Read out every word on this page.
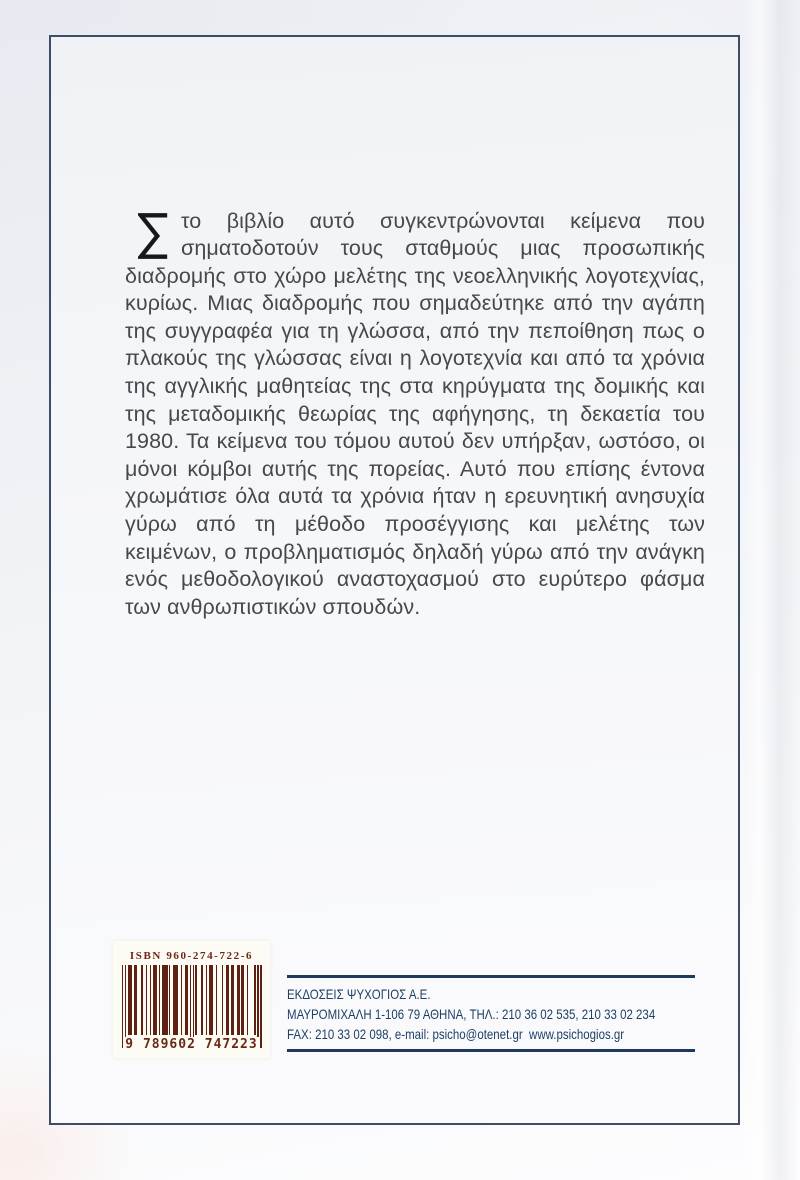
το βιβλίο αυτό συγκεντρώνονται κείμενα που σηματοδοτούν τους σταθμούς μιας προσωπικής διαδρομής στο χώρο μελέτης της νεοελληνικής λογοτεχνίας, κυρίως. Μιας διαδρομής που σημαδεύτηκε από την αγάπη της συγγραφέα για τη γλώσσα, από την πεποίθηση πως ο πλακούς της γλώσσας είναι η λογοτεχνία και από τα χρόνια της αγγλικής μαθητείας της στα κηρύγματα της δομικής και της μεταδομικής θεωρίας της αφήγησης, τη δεκαετία του 1980. Τα κείμενα του τόμου αυτού δεν υπήρξαν, ωστόσο, οι μόνοι κόμβοι αυτής της πορείας. Αυτό που επίσης έντονα χρωμάτισε όλα αυτά τα χρόνια ήταν η ερευνητική ανησυχία γύρω από τη μέθοδο προσέγγισης και μελέτης των κειμένων, ο προβληματισμός δηλαδή γύρω από την ανάγκη ενός μεθοδολογικού αναστοχασμού στο ευρύτερο φάσμα των ανθρωπιστικών σπουδών.

ISBN 960-274-722-6
9 789602 747223
ΕΚΔΟΣΕΙΣ ΨΥΧΟΓΙΟΣ Α.Ε.
ΜΑΥΡΟΜΙΧΑΛΗ 1-106 79 ΑΘΗΝΑ, ΤΗΛ.: 210 36 02 535, 210 33 02 234
FAX: 210 33 02 098, e-mail: psicho@otenet.gr  www.psichogios.gr
